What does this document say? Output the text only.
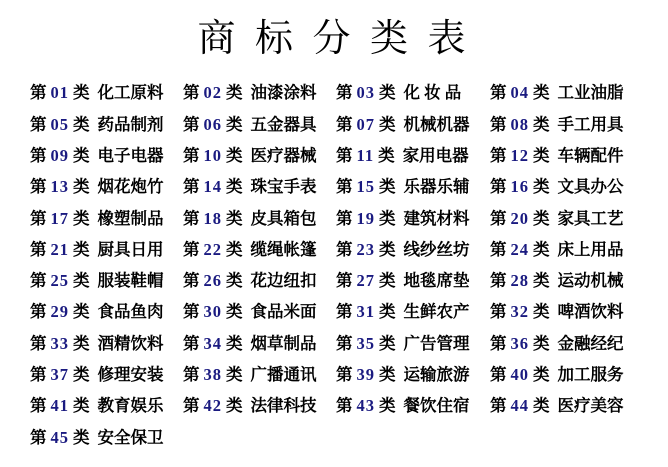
商 标 分 类 表
第 01 类 化工原料	第 02 类 油漆涂料	第 03 类 化 妆 品	第 04 类 工业油脂
第 05 类 药品制剂	第 06 类 五金器具	第 07 类 机械机器	第 08 类 手工用具
第 09 类 电子电器	第 10 类 医疗器械	第 11 类 家用电器	第 12 类 车辆配件
第 13 类 烟花炮竹	第 14 类 珠宝手表	第 15 类 乐器乐辅	第 16 类 文具办公
第 17 类 橡塑制品	第 18 类 皮具箱包	第 19 类 建筑材料	第 20 类 家具工艺
第 21 类 厨具日用	第 22 类 缆绳帐篷	第 23 类 线纱丝坊	第 24 类 床上用品
第 25 类 服装鞋帽	第 26 类 花边纽扣	第 27 类 地毯席垫	第 28 类 运动机械
第 29 类 食品鱼肉	第 30 类 食品米面	第 31 类 生鲜农产	第 32 类 啤酒饮料
第 33 类 酒精饮料	第 34 类 烟草制品	第 35 类 广告管理	第 36 类 金融经纪
第 37 类 修理安装	第 38 类 广播通讯	第 39 类 运输旅游	第 40 类 加工服务
第 41 类 教育娱乐	第 42 类 法律科技	第 43 类 餐饮住宿	第 44 类 医疗美容
第 45 类 安全保卫
